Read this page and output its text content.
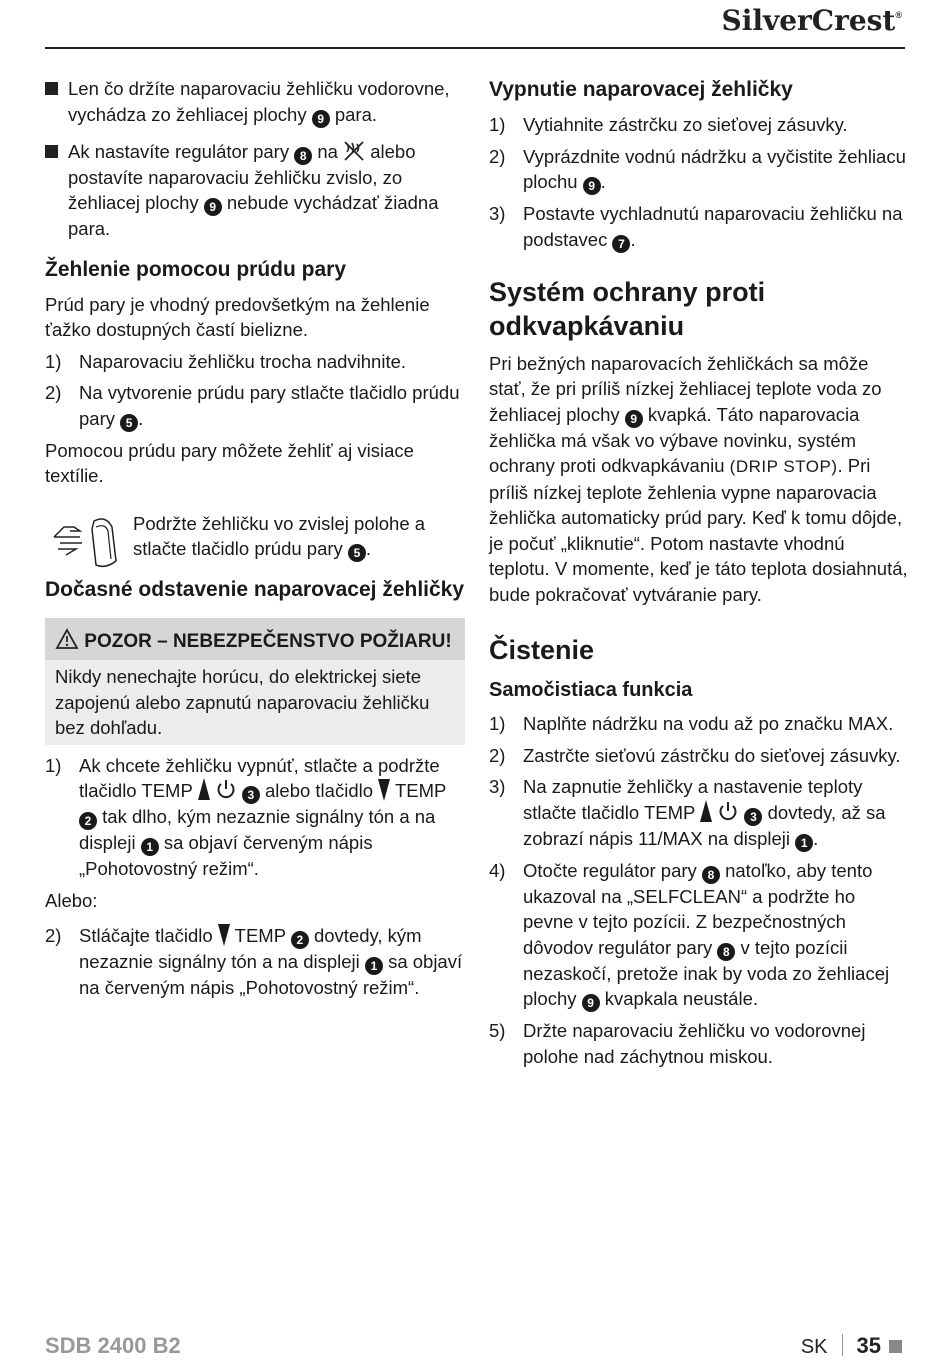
SilverCrest®
Len čo držíte naparovaciu žehličku vodorovne, vychádza zo žehliacej plochy 9 para.
Ak nastavíte regulátor pary 8 na alebo postavíte naparovaciu žehličku zvislo, zo žehliacej plochy 9 nebude vychádzať žiadna para.
Žehlenie pomocou prúdu pary

Prúd pary je vhodný predovšetkým na žehlenie ťažko dostupných častí bielizne.

1) Naparovaciu žehličku trocha nadvihnite.
2) Na vytvorenie prúdu pary stlačte tlačidlo prúdu pary 5 .

Pomocou prúdu pary môžete žehliť aj visiace textílie.

Podržte žehličku vo zvislej polohe a stlačte tlačidlo prúdu pary 5 .
Dočasné odstavenie naparovacej žehličky
POZOR – NEBEZPEČENSTVO POŽIARU!
Nikdy nenechajte horúcu, do elektrickej siete zapojenú alebo zapnutú naparovaciu žehličku bez dohľadu.
1) Ak chcete žehličku vypnúť, stlačte a podržte tlačidlo TEMP	3 alebo tlačidlo TEMP 2 tak dlho, kým nezaznie signálny tón a na displeji 1 sa objaví červeným nápis „Pohotovostný režim“.

Alebo:

2) Stláčajte tlačidlo TEMP 2 dovtedy, kým nezaznie signálny tón a na displeji 1 sa objaví na červeným nápis „Pohotovostný režim“.
Vypnutie naparovacej žehličky
1) Vytiahnite zástrčku zo sieťovej zásuvky.
2) Vyprázdnite vodnú nádržku a vyčistite žehliacu plochu 9 .
3) Postavte vychladnutú naparovaciu žehličku na podstavec 7 .
Systém ochrany proti odkvapkávaniu

Pri bežných naparovacích žehličkách sa môže stať, že pri príliš nízkej žehliacej teplote voda zo žehliacej plochy 9 kvapká. Táto naparovacia žehlička má však vo výbave novinku, systém ochrany proti odkvapkávaniu (DRIP STOP). Pri príliš nízkej teplote žehlenia vypne naparovacia žehlička automaticky prúd pary. Keď k tomu dôjde, je počuť „kliknutie“. Potom nastavte vhodnú teplotu. V momente, keď je táto teplota dosiahnutá, bude pokračovať vytváranie pary.

Čistenie
Samočistiaca funkcia
1) Naplňte nádržku na vodu až po značku MAX.
2) Zastrčte sieťovú zástrčku do sieťovej zásuvky.
3) Na zapnutie žehličky a nastavenie teploty stlačte tlačidlo TEMP	3 dovtedy, až sa zobrazí nápis 11/MAX na displeji 1 .
4) Otočte regulátor pary 8 natoľko, aby tento ukazoval na „SELFCLEAN“ a podržte ho pevne v tejto pozícii. Z bezpečnostných dôvodov regulátor pary 8 v tejto pozícii nezaskočí, pretože inak by voda zo žehliacej plochy 9 kvapkala neustále.
5) Držte naparovaciu žehličku vo vodorovnej polohe nad záchytnou miskou.
SDB 2400 B2	SK 35
